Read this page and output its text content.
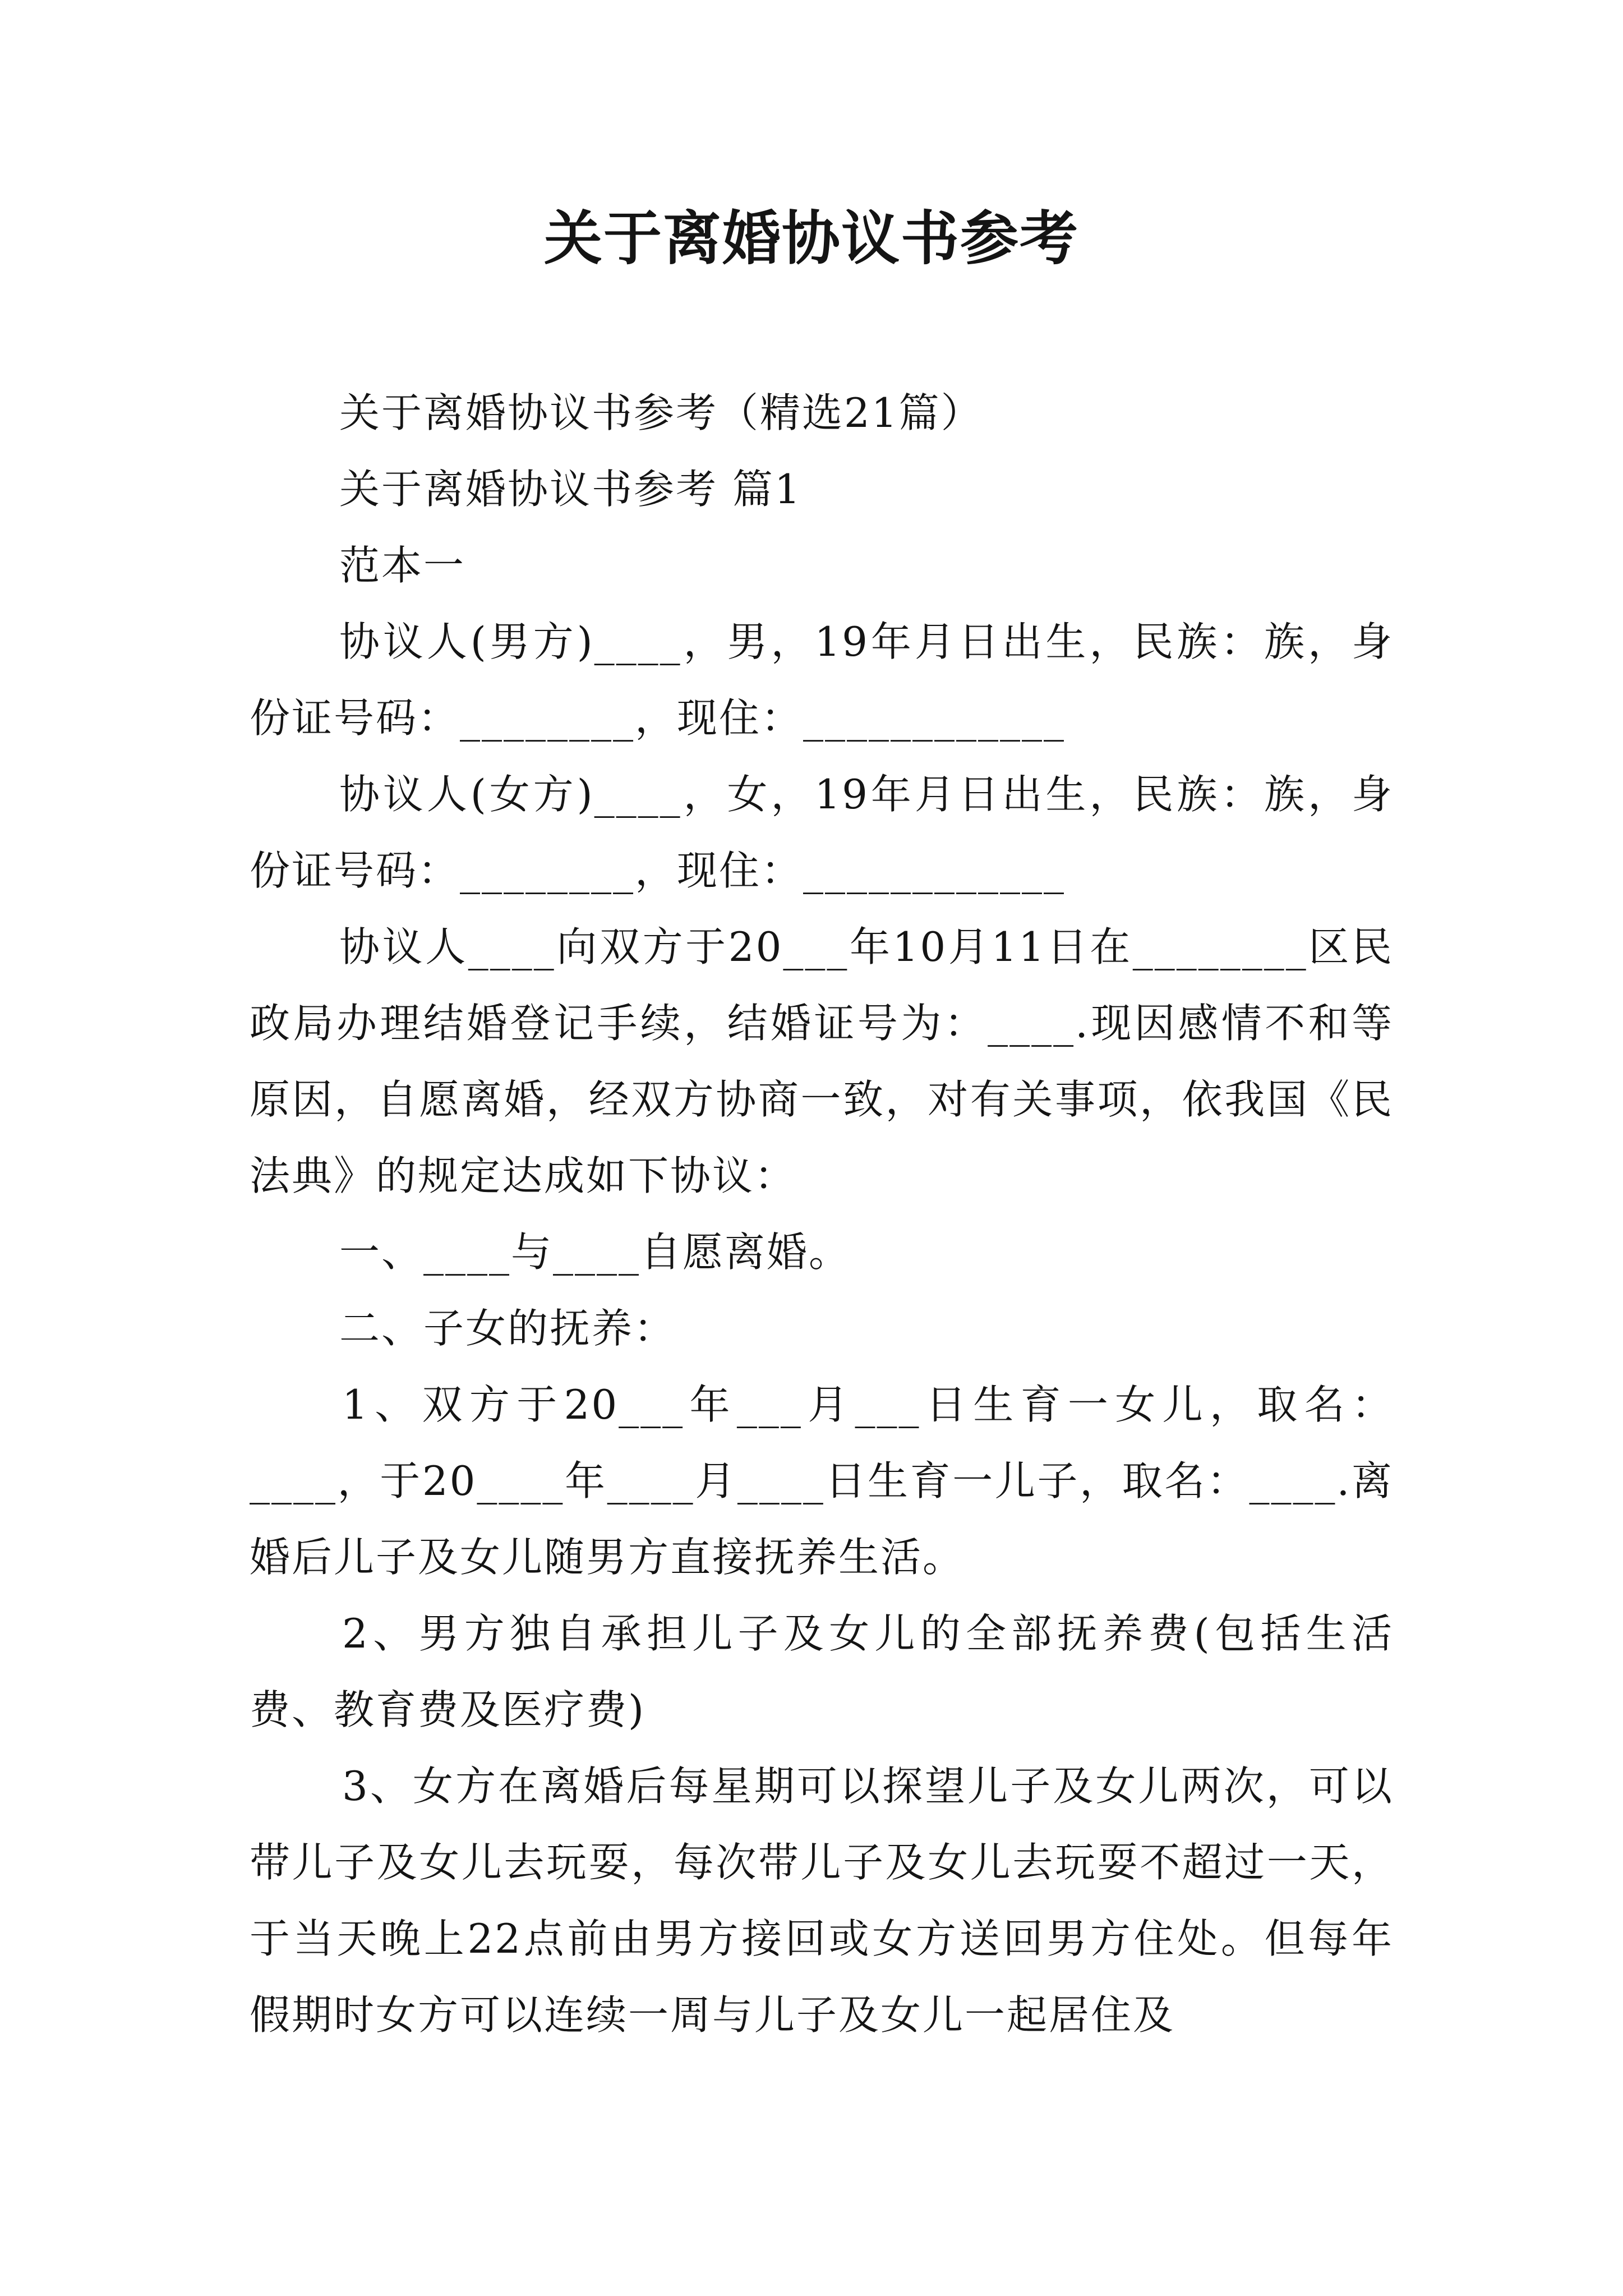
关于离婚协议书参考

关于离婚协议书参考（精选21篇）

关于离婚协议书参考 篇1

范本一

协议人(男方)____，男，19年月日出生，民族：族，身份证号码：________，现住：____________

协议人(女方)____，女，19年月日出生，民族：族，身份证号码：________，现住：____________

协议人____向双方于20___年10月11日在________区民政局办理结婚登记手续，结婚证号为：____.现因感情不和等原因，自愿离婚，经双方协商一致，对有关事项，依我国《民法典》的规定达成如下协议：

一、____与____自愿离婚。

二、子女的抚养：

1、双方于20___年___月___日生育一女儿，取名：____，于20____年____月____日生育一儿子，取名：____.离婚后儿子及女儿随男方直接抚养生活。

2、男方独自承担儿子及女儿的全部抚养费(包括生活费、教育费及医疗费)

3、女方在离婚后每星期可以探望儿子及女儿两次，可以带儿子及女儿去玩耍，每次带儿子及女儿去玩耍不超过一天，于当天晚上22点前由男方接回或女方送回男方住处。但每年假期时女方可以连续一周与儿子及女儿一起居住及
